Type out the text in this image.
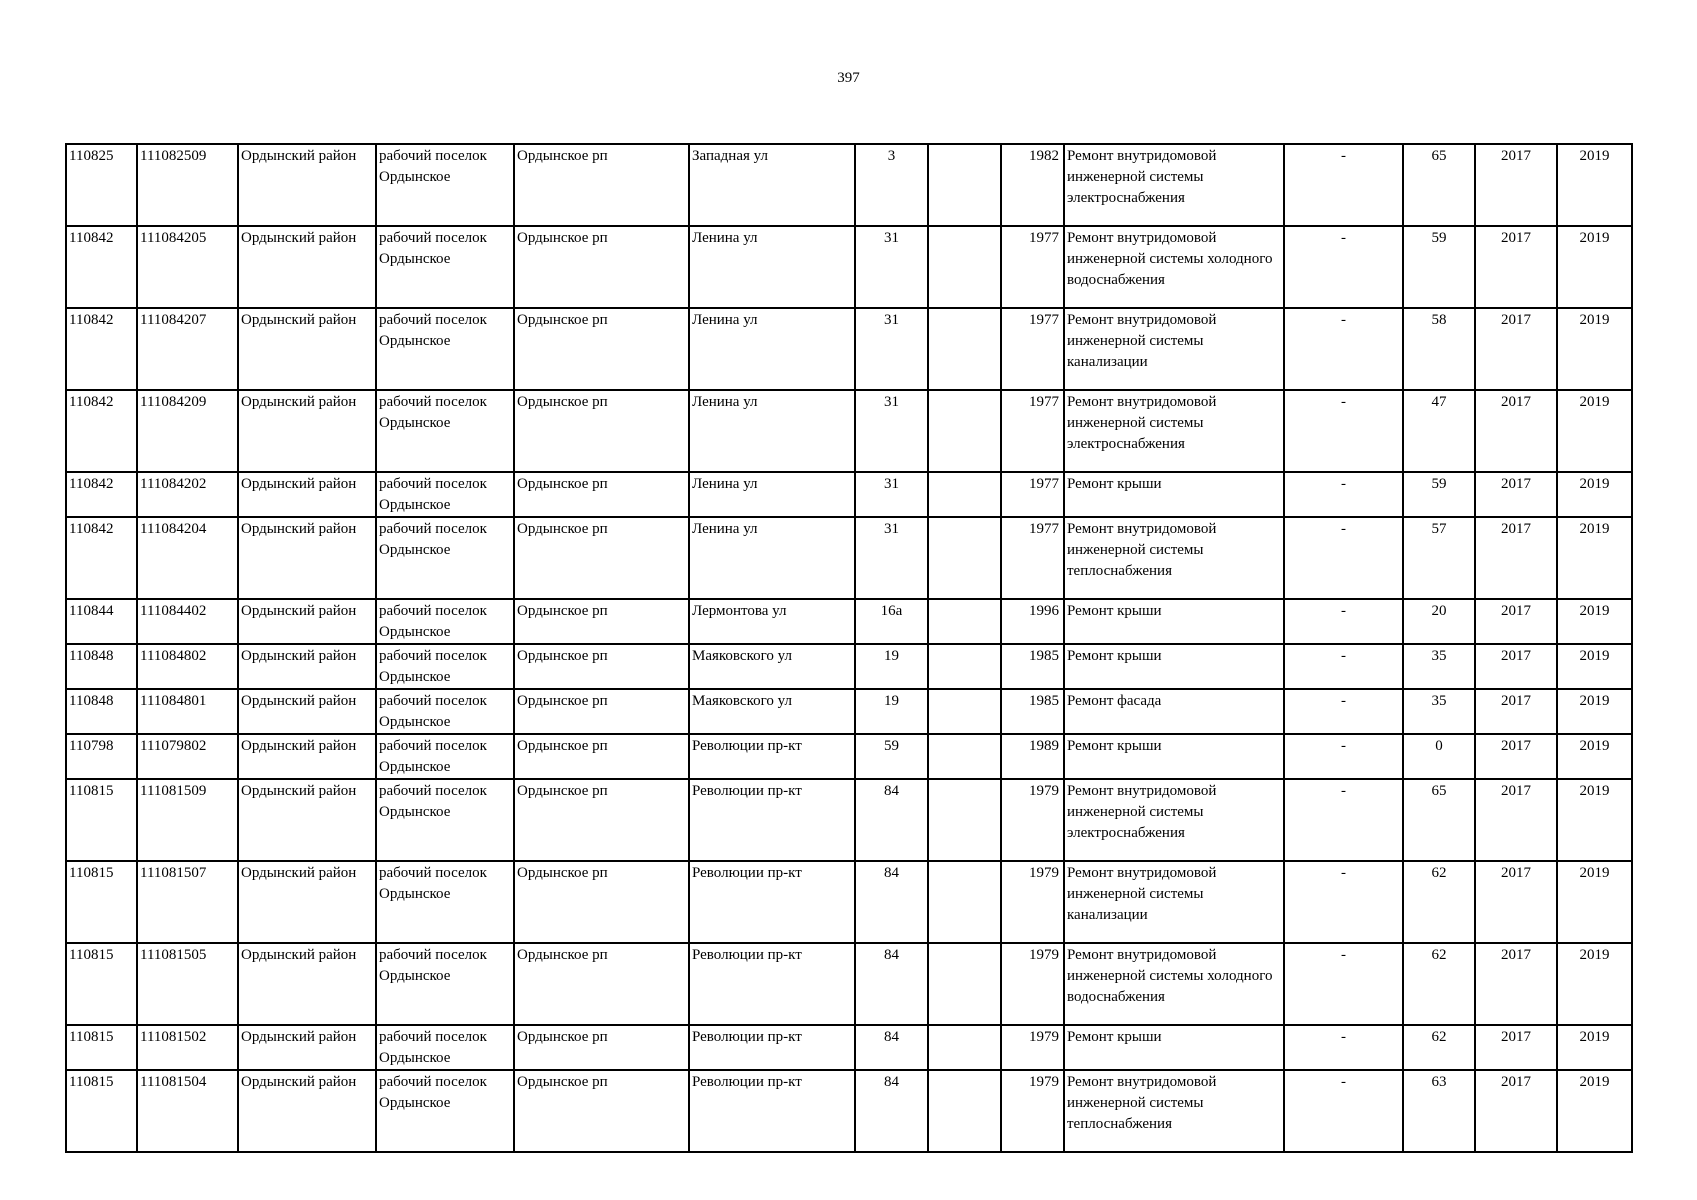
397
110825	111082509	Ордынский район	рабочий поселок Ордынское	Ордынское рп	Западная ул	3		1982	Ремонт внутридомовой инженерной системы электроснабжения	-	65	2017	2019
110842	111084205	Ордынский район	рабочий поселок Ордынское	Ордынское рп	Ленина ул	31		1977	Ремонт внутридомовой инженерной системы холодного водоснабжения	-	59	2017	2019
110842	111084207	Ордынский район	рабочий поселок Ордынское	Ордынское рп	Ленина ул	31		1977	Ремонт внутридомовой инженерной системы канализации	-	58	2017	2019
110842	111084209	Ордынский район	рабочий поселок Ордынское	Ордынское рп	Ленина ул	31		1977	Ремонт внутридомовой инженерной системы электроснабжения	-	47	2017	2019
110842	111084202	Ордынский район	рабочий поселок Ордынское	Ордынское рп	Ленина ул	31		1977	Ремонт крыши	-	59	2017	2019
110842	111084204	Ордынский район	рабочий поселок Ордынское	Ордынское рп	Ленина ул	31		1977	Ремонт внутридомовой инженерной системы теплоснабжения	-	57	2017	2019
110844	111084402	Ордынский район	рабочий поселок Ордынское	Ордынское рп	Лермонтова ул	16а		1996	Ремонт крыши	-	20	2017	2019
110848	111084802	Ордынский район	рабочий поселок Ордынское	Ордынское рп	Маяковского ул	19		1985	Ремонт крыши	-	35	2017	2019
110848	111084801	Ордынский район	рабочий поселок Ордынское	Ордынское рп	Маяковского ул	19		1985	Ремонт фасада	-	35	2017	2019
110798	111079802	Ордынский район	рабочий поселок Ордынское	Ордынское рп	Революции пр-кт	59		1989	Ремонт крыши	-	0	2017	2019
110815	111081509	Ордынский район	рабочий поселок Ордынское	Ордынское рп	Революции пр-кт	84		1979	Ремонт внутридомовой инженерной системы электроснабжения	-	65	2017	2019
110815	111081507	Ордынский район	рабочий поселок Ордынское	Ордынское рп	Революции пр-кт	84		1979	Ремонт внутридомовой инженерной системы канализации	-	62	2017	2019
110815	111081505	Ордынский район	рабочий поселок Ордынское	Ордынское рп	Революции пр-кт	84		1979	Ремонт внутридомовой инженерной системы холодного водоснабжения	-	62	2017	2019
110815	111081502	Ордынский район	рабочий поселок Ордынское	Ордынское рп	Революции пр-кт	84		1979	Ремонт крыши	-	62	2017	2019
110815	111081504	Ордынский район	рабочий поселок Ордынское	Ордынское рп	Революции пр-кт	84		1979	Ремонт внутридомовой инженерной системы теплоснабжения	-	63	2017	2019
